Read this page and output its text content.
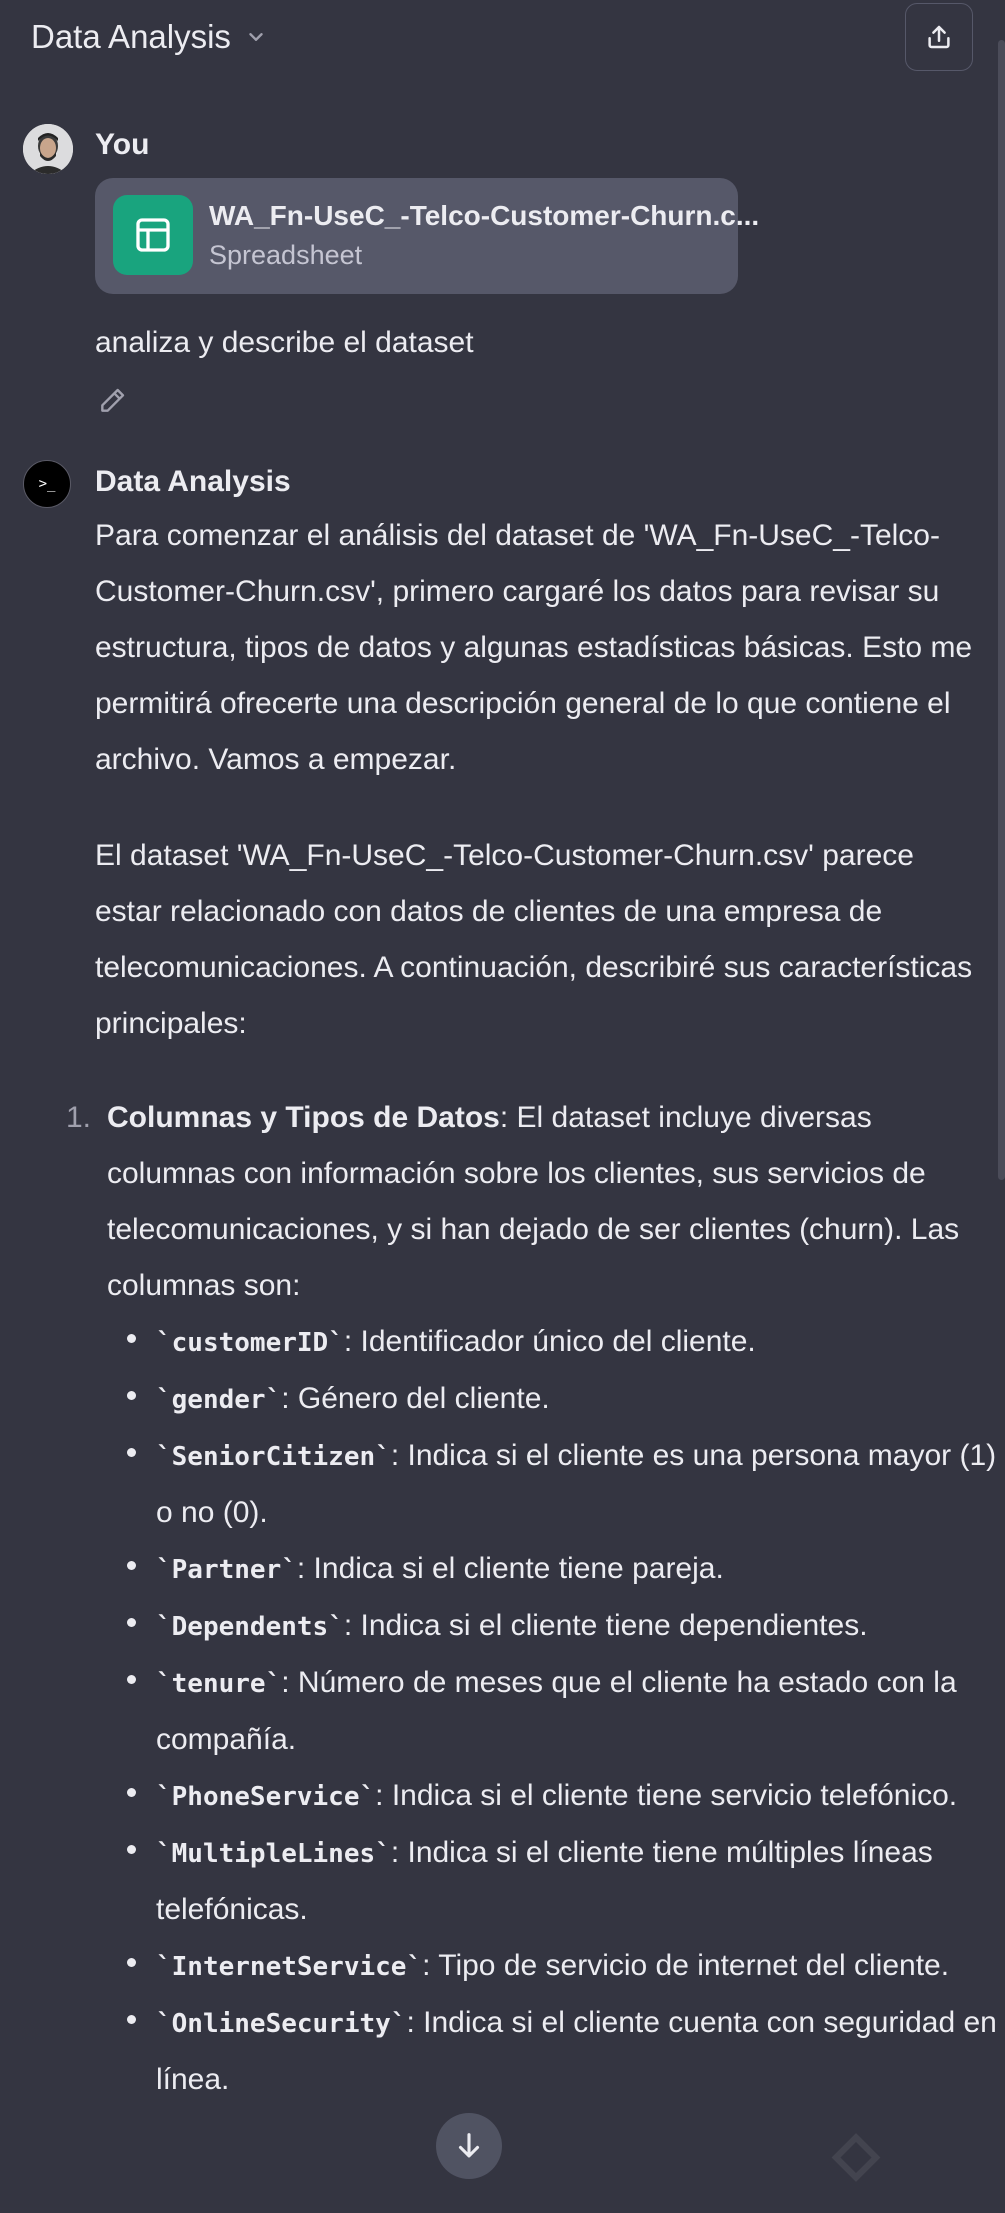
Data Analysis
You
WA_Fn-UseC_-Telco-Customer-Churn.c...
Spreadsheet
analiza y describe el dataset
>_ Data Analysis

Para comenzar el análisis del dataset de 'WA_Fn-UseC_-Telco-Customer-Churn.csv', primero cargaré los datos para revisar su estructura, tipos de datos y algunas estadísticas básicas. Esto me permitirá ofrecerte una descripción general de lo que contiene el archivo. Vamos a empezar.

El dataset 'WA_Fn-UseC_-Telco-Customer-Churn.csv' parece estar relacionado con datos de clientes de una empresa de telecomunicaciones. A continuación, describiré sus características principales:

1. Columnas y Tipos de Datos: El dataset incluye diversas columnas con información sobre los clientes, sus servicios de telecomunicaciones, y si han dejado de ser clientes (churn). Las columnas son:
`customerID`: Identificador único del cliente.
`gender`: Género del cliente.
`SeniorCitizen`: Indica si el cliente es una persona mayor (1) o no (0).
`Partner`: Indica si el cliente tiene pareja.
`Dependents`: Indica si el cliente tiene dependientes.
`tenure`: Número de meses que el cliente ha estado con la compañía.
`PhoneService`: Indica si el cliente tiene servicio telefónico.
`MultipleLines`: Indica si el cliente tiene múltiples líneas telefónicas.
`InternetService`: Tipo de servicio de internet del cliente.
`OnlineSecurity`: Indica si el cliente cuenta con seguridad en línea.
